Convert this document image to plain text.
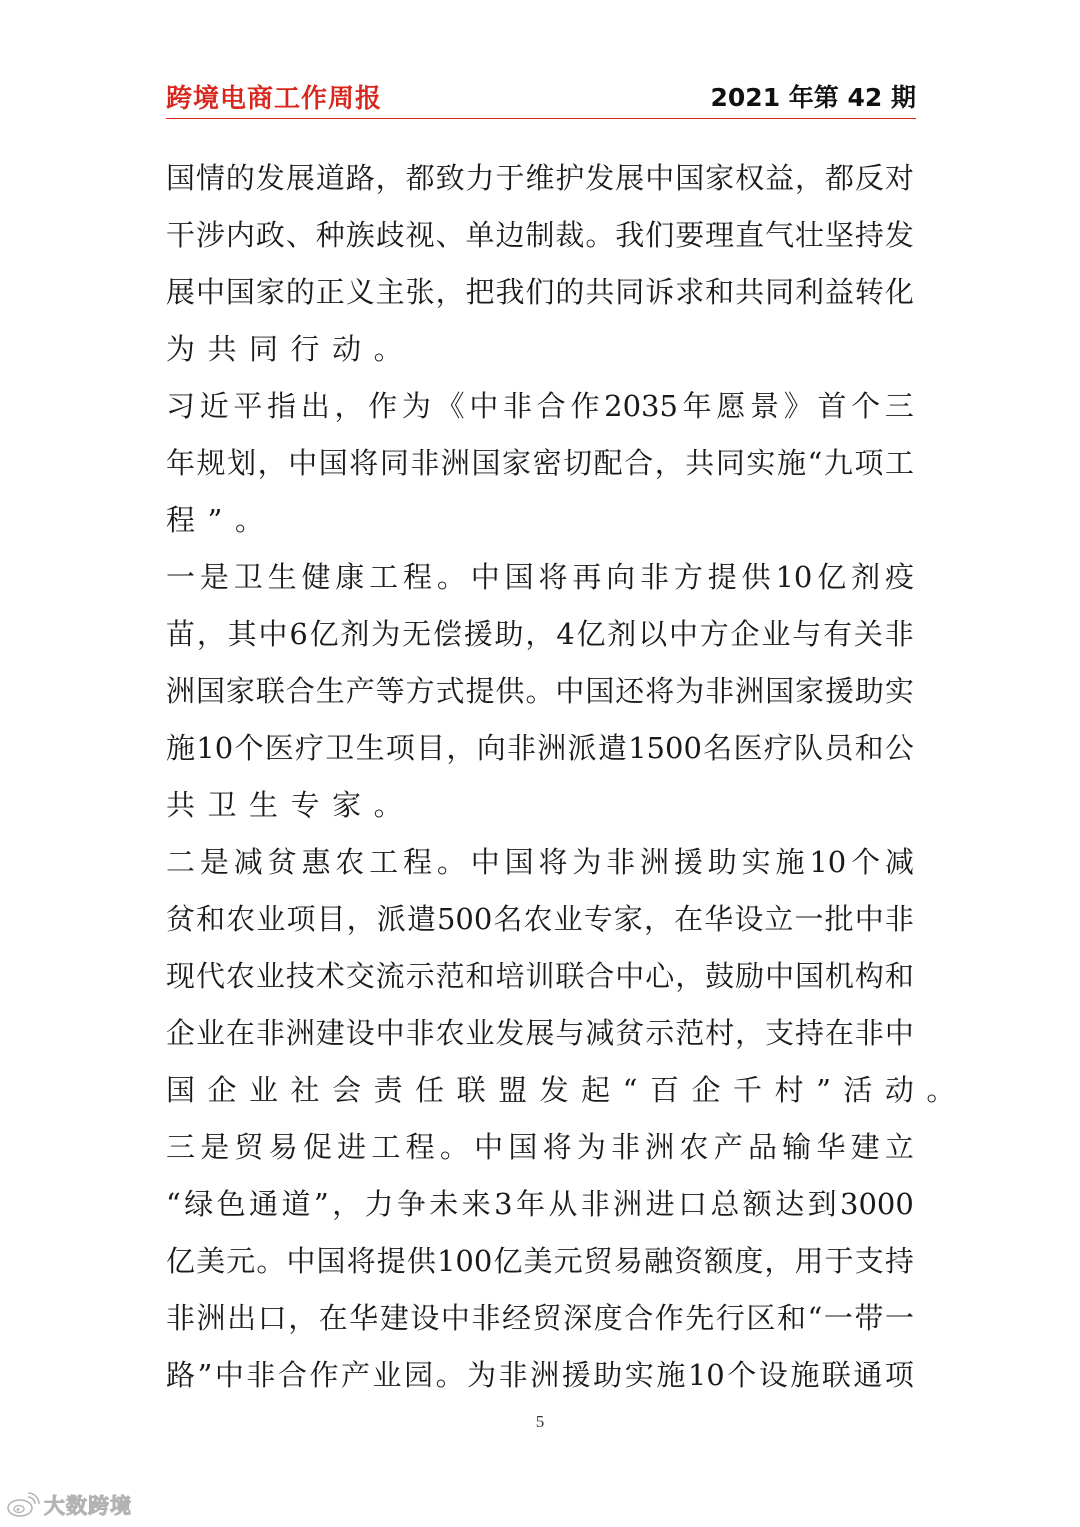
跨境电商工作周报	2021 年第 42 期
国 情 的 发 展 道 路 ， 都 致 力 于 维 护 发 展 中 国 家 权 益 ， 都 反 对
干 涉 内 政 、 种 族 歧 视 、 单 边 制 裁 。 我 们 要 理 直 气 壮 坚 持 发
展 中 国 家 的 正 义 主 张 ， 把 我 们 的 共 同 诉 求 和 共 同 利 益 转 化
为 共 同 行 动 。
习 近 平 指 出 ， 作 为 《 中 非 合 作 2035 年 愿 景 》 首 个 三
年 规 划 ， 中 国 将 同 非 洲 国 家 密 切 配 合 ， 共 同 实 施 “ 九 项 工
程 ” 。
一 是 卫 生 健 康 工 程 。 中 国 将 再 向 非 方 提 供 10 亿 剂 疫
苗 ， 其 中 6 亿 剂 为 无 偿 援 助 ， 4 亿 剂 以 中 方 企 业 与 有 关 非
洲 国 家 联 合 生 产 等 方 式 提 供 。 中 国 还 将 为 非 洲 国 家 援 助 实
施 10 个 医 疗 卫 生 项 目 ， 向 非 洲 派 遣 1500 名 医 疗 队 员 和 公
共 卫 生 专 家 。
二 是 减 贫 惠 农 工 程 。 中 国 将 为 非 洲 援 助 实 施 10 个 减
贫 和 农 业 项 目 ， 派 遣 500 名 农 业 专 家 ， 在 华 设 立 一 批 中 非
现 代 农 业 技 术 交 流 示 范 和 培 训 联 合 中 心 ， 鼓 励 中 国 机 构 和
企 业 在 非 洲 建 设 中 非 农 业 发 展 与 减 贫 示 范 村 ， 支 持 在 非 中
国 企 业 社 会 责 任 联 盟 发 起 “ 百 企 千 村 ” 活 动 。
三 是 贸 易 促 进 工 程 。 中 国 将 为 非 洲 农 产 品 输 华 建 立
“ 绿 色 通 道 ” ， 力 争 未 来 3 年 从 非 洲 进 口 总 额 达 到 3000
亿 美 元 。 中 国 将 提 供 100 亿 美 元 贸 易 融 资 额 度 ， 用 于 支 持
非 洲 出 口 ， 在 华 建 设 中 非 经 贸 深 度 合 作 先 行 区 和 “ 一 带 一
路 ” 中 非 合 作 产 业 园 。 为 非 洲 援 助 实 施 10 个 设 施 联 通 项
5
大数跨境
